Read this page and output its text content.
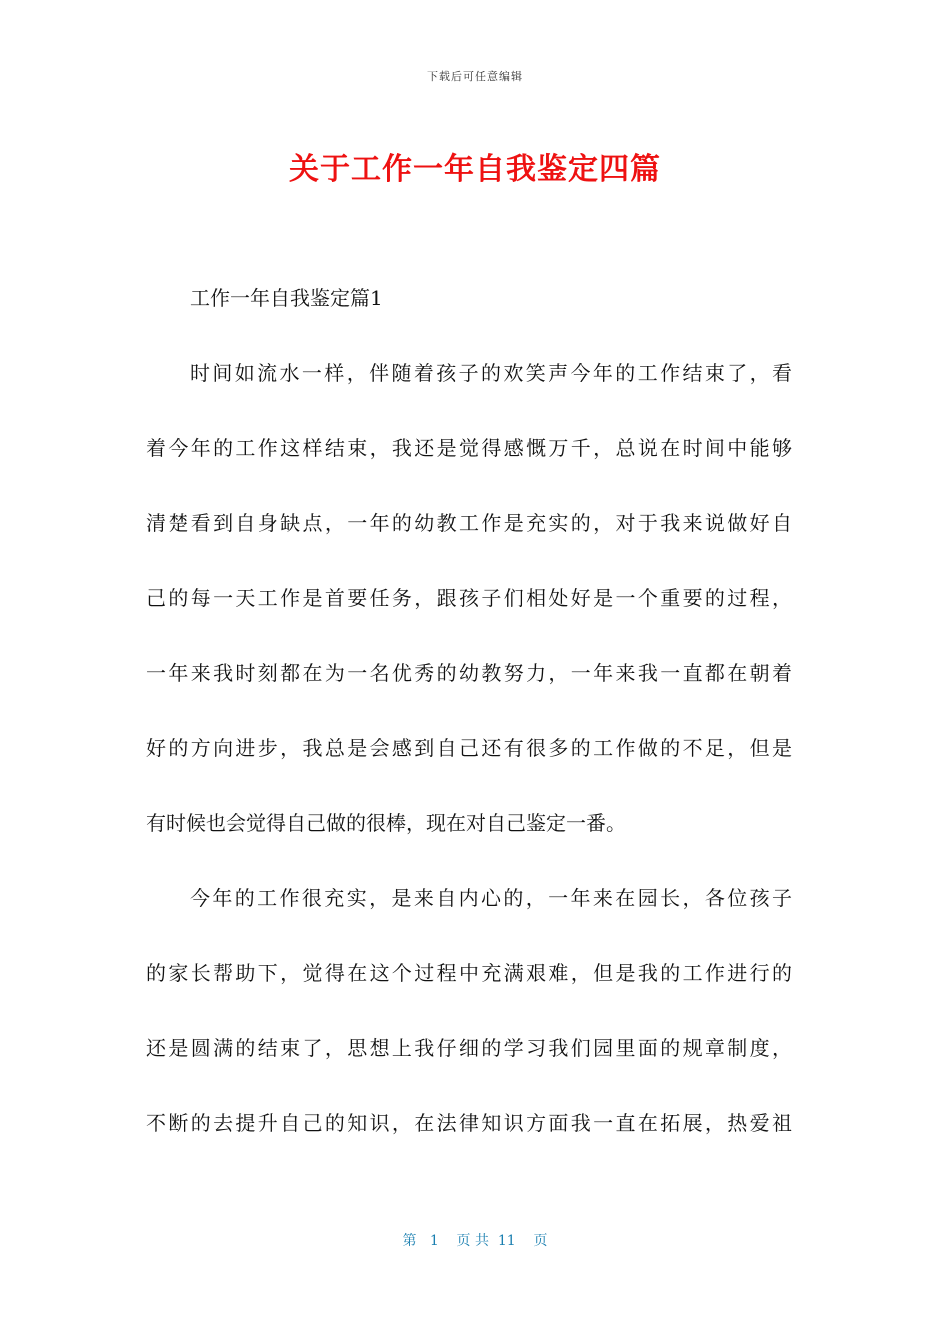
下载后可任意编辑
关于工作一年自我鉴定四篇
工作一年自我鉴定篇1
时间如流水一样，伴随着孩子的欢笑声今年的工作结束了，看
着今年的工作这样结束，我还是觉得感慨万千，总说在时间中能够
清楚看到自身缺点，一年的幼教工作是充实的，对于我来说做好自
己的每一天工作是首要任务，跟孩子们相处好是一个重要的过程，
一年来我时刻都在为一名优秀的幼教努力，一年来我一直都在朝着
好的方向进步，我总是会感到自己还有很多的工作做的不足，但是
有时候也会觉得自己做的很棒，现在对自己鉴定一番。
今年的工作很充实，是来自内心的，一年来在园长，各位孩子
的家长帮助下，觉得在这个过程中充满艰难，但是我的工作进行的
还是圆满的结束了，思想上我仔细的学习我们园里面的规章制度，
不断的去提升自己的知识，在法律知识方面我一直在拓展，热爱祖
第   1    页 共  11    页
